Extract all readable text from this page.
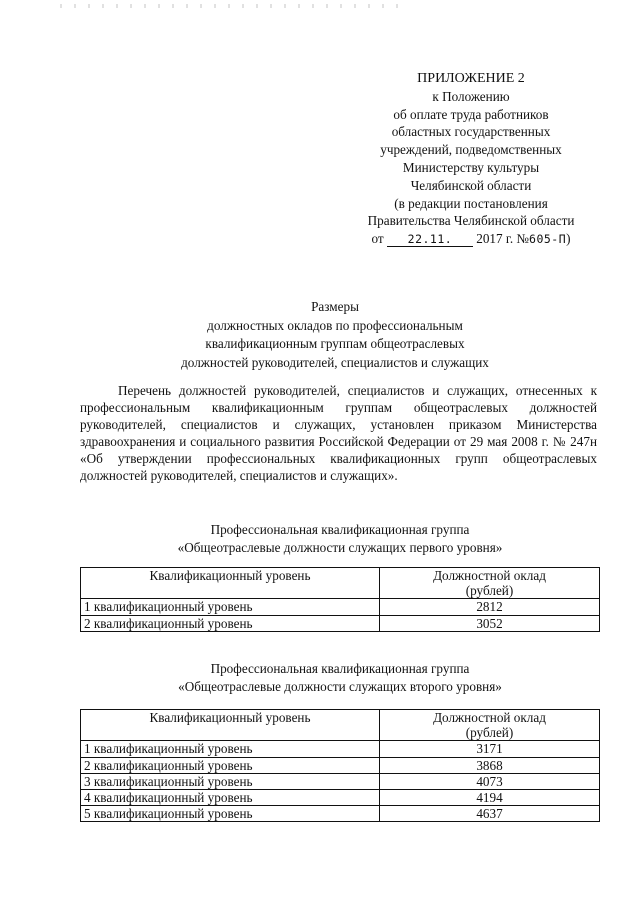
ПРИЛОЖЕНИЕ 2
к Положению
об оплате труда работников
областных государственных
учреждений, подведомственных
Министерству культуры
Челябинской области
(в редакции постановления
Правительства Челябинской области
от 22.11. 2017 г. №605-П)
Размеры
должностных окладов по профессиональным
квалификационным группам общеотраслевых
должностей руководителей, специалистов и служащих

Перечень должностей руководителей, специалистов и служащих, отнесенных к профессиональным квалификационным группам общеотраслевых должностей руководителей, специалистов и служащих, установлен приказом Министерства здравоохранения и социального развития Российской Федерации от 29 мая 2008 г. № 247н «Об утверждении профессиональных квалификационных групп общеотраслевых должностей руководителей, специалистов и служащих».

Профессиональная квалификационная группа
«Общеотраслевые должности служащих первого уровня»
Квалификационный уровень	Должностной оклад
(рублей)

1 квалификационный уровень	2812
2 квалификационный уровень	3052
Профессиональная квалификационная группа
«Общеотраслевые должности служащих второго уровня»
Квалификационный уровень	Должностной оклад
(рублей)

1 квалификационный уровень	3171
2 квалификационный уровень	3868
3 квалификационный уровень	4073
4 квалификационный уровень	4194
5 квалификационный уровень	4637
